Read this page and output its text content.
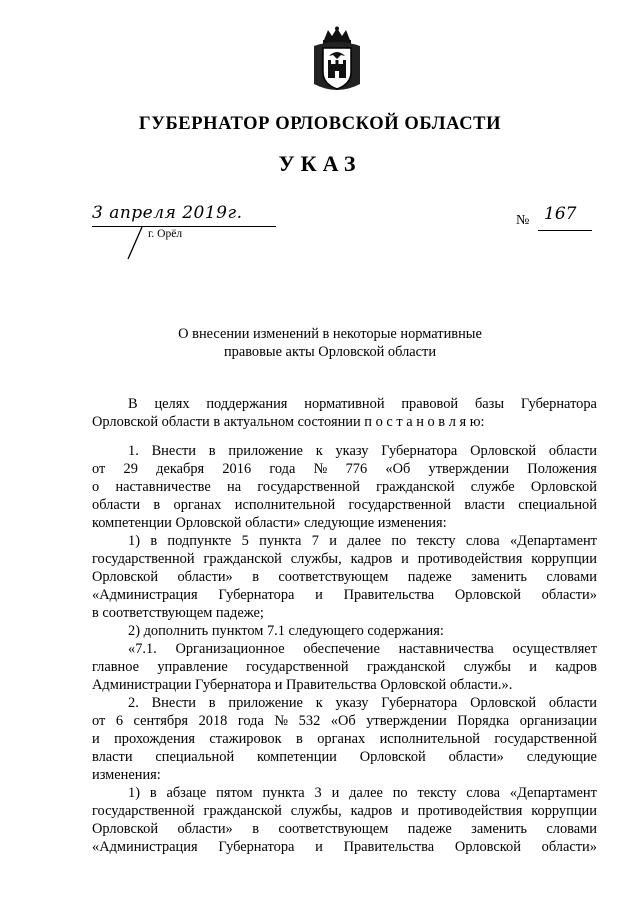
ГУБЕРНАТОР ОРЛОВСКОЙ ОБЛАСТИ
УКАЗ
3 апреля 2019г.
г. Орёл
№ 167
О внесении изменений в некоторые нормативные
правовые акты Орловской области
В целях поддержания нормативной правовой базы Губернатора
Орловской области в актуальном состоянии п о с т а н о в л я ю:
1. Внести в приложение к указу Губернатора Орловской области
от 29 декабря 2016 года № 776 «Об утверждении Положения
о наставничестве на государственной гражданской службе Орловской
области в органах исполнительной государственной власти специальной
компетенции Орловской области» следующие изменения:
1) в подпункте 5 пункта 7 и далее по тексту слова «Департамент
государственной гражданской службы, кадров и противодействия коррупции
Орловской области» в соответствующем падеже заменить словами
«Администрация Губернатора и Правительства Орловской области»
в соответствующем падеже;
2) дополнить пунктом 7.1 следующего содержания:
«7.1. Организационное обеспечение наставничества осуществляет
главное управление государственной гражданской службы и кадров
Администрации Губернатора и Правительства Орловской области.».
2. Внести в приложение к указу Губернатора Орловской области
от 6 сентября 2018 года № 532 «Об утверждении Порядка организации
и прохождения стажировок в органах исполнительной государственной
власти специальной компетенции Орловской области» следующие
изменения:
1) в абзаце пятом пункта 3 и далее по тексту слова «Департамент
государственной гражданской службы, кадров и противодействия коррупции
Орловской области» в соответствующем падеже заменить словами
«Администрация Губернатора и Правительства Орловской области»
